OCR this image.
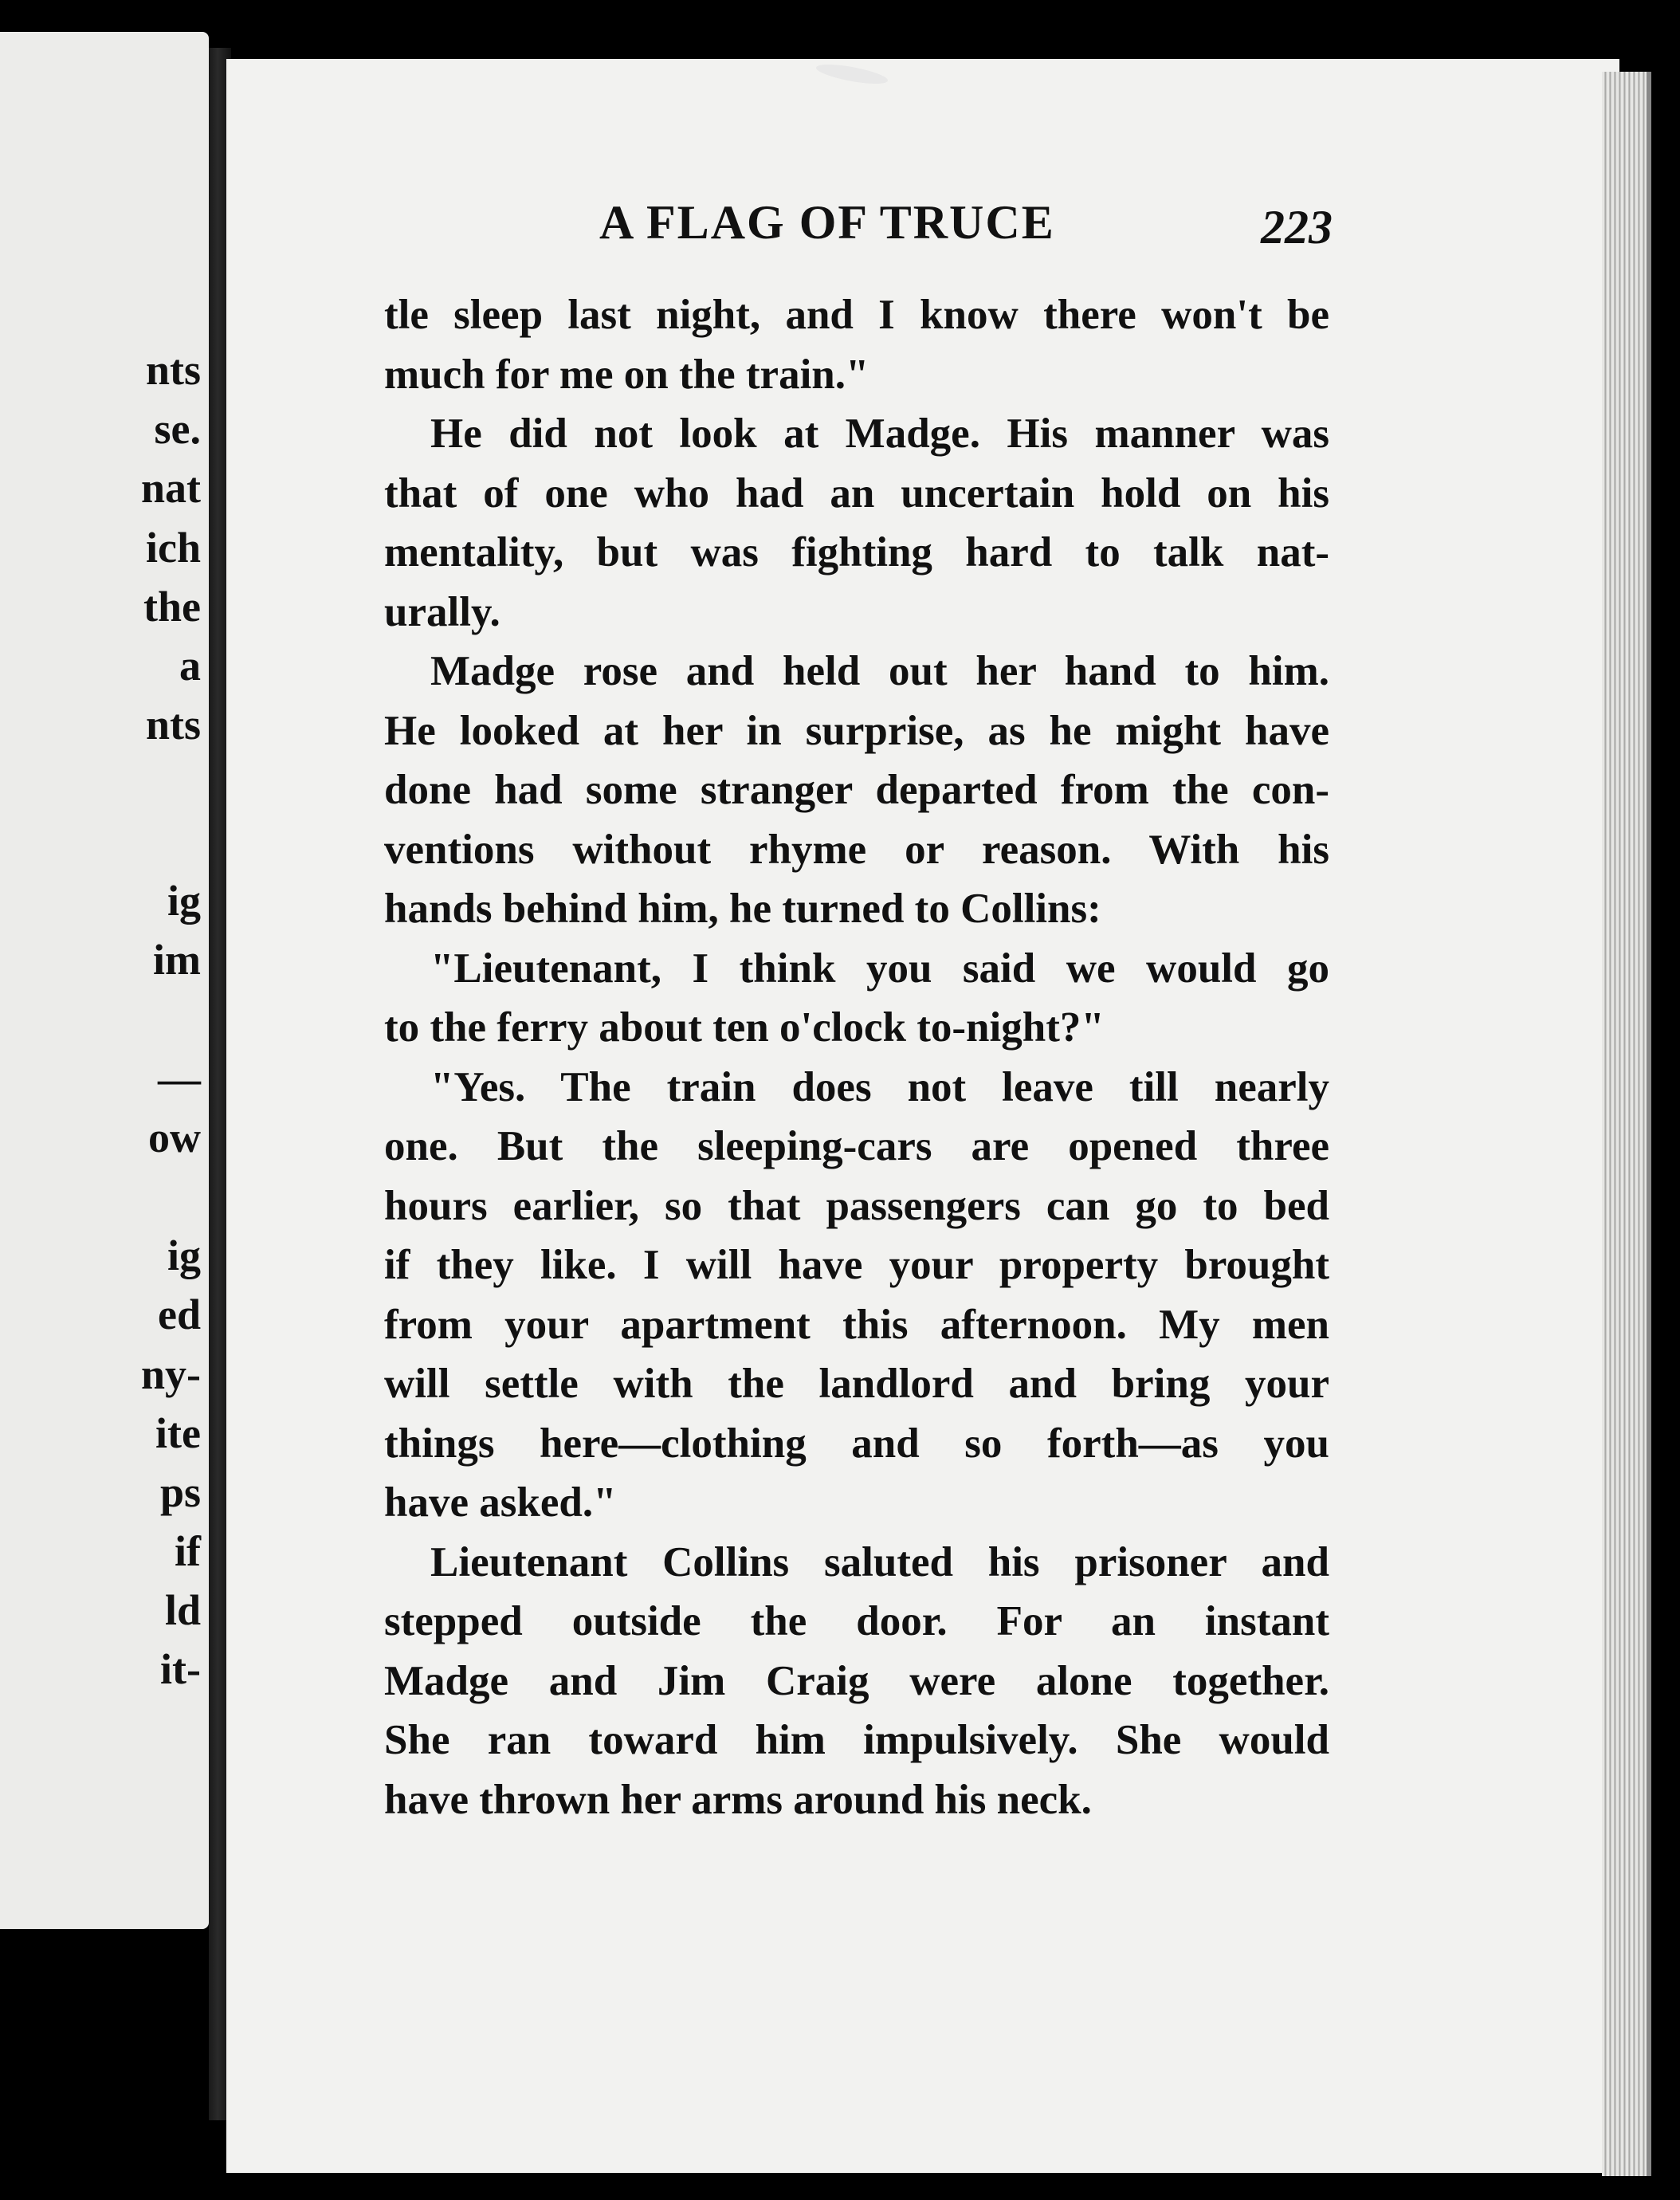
nts
se.
nat
ich
the
a
nts
ig
im
—
ow
ig
ed
ny-
ite
ps
if
ld
it-
A FLAG OF TRUCE	223

tle sleep last night, and I know there won't be
much for me on the train."

He did not look at Madge. His manner was
that of one who had an uncertain hold on his
mentality, but was fighting hard to talk nat-
urally.

Madge rose and held out her hand to him.
He looked at her in surprise, as he might have
done had some stranger departed from the con-
ventions without rhyme or reason. With his
hands behind him, he turned to Collins:

"Lieutenant, I think you said we would go
to the ferry about ten o'clock to-night?"

"Yes. The train does not leave till nearly
one. But the sleeping-cars are opened three
hours earlier, so that passengers can go to bed
if they like. I will have your property brought
from your apartment this afternoon. My men
will settle with the landlord and bring your
things here—clothing and so forth—as you
have asked."

Lieutenant Collins saluted his prisoner and
stepped outside the door. For an instant
Madge and Jim Craig were alone together.
She ran toward him impulsively. She would
have thrown her arms around his neck.
